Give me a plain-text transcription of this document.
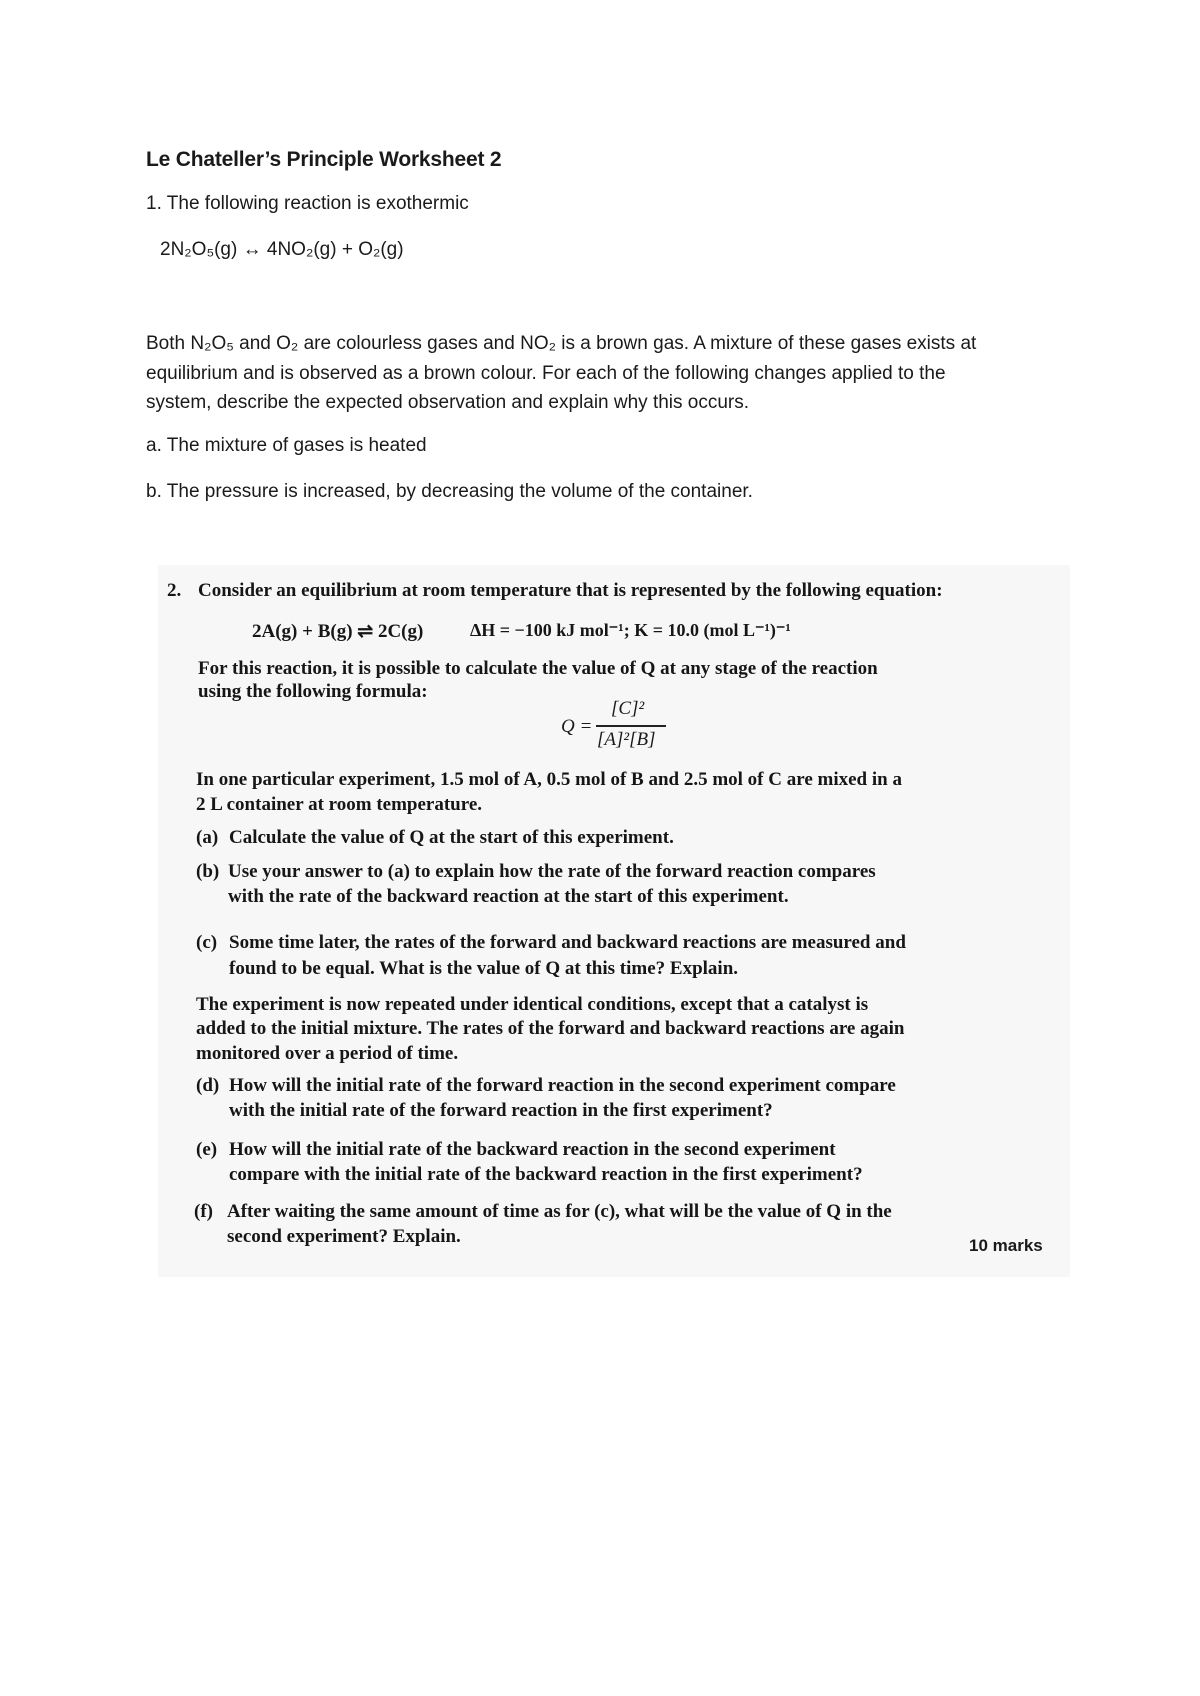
Le Chateller’s Principle Worksheet 2
1. The following reaction is exothermic
2N₂O₅(g) ↔ 4NO₂(g) + O₂(g)
Both N₂O₅ and O₂ are colourless gases and NO₂ is a brown gas. A mixture of these gases exists at
equilibrium and is observed as a brown colour. For each of the following changes applied to the
system, describe the expected observation and explain why this occurs.
a. The mixture of gases is heated
b. The pressure is increased, by decreasing the volume of the container.
2. Consider an equilibrium at room temperature that is represented by the following equation:
2A(g) + B(g) ⇌ 2C(g)	ΔH = −100 kJ mol⁻¹; K = 10.0 (mol L⁻¹)⁻¹
For this reaction, it is possible to calculate the value of Q at any stage of the reaction
using the following formula:
Q =
[C]²
[A]²[B]
In one particular experiment, 1.5 mol of A, 0.5 mol of B and 2.5 mol of C are mixed in a
2 L container at room temperature.
(a) Calculate the value of Q at the start of this experiment.
(b) Use your answer to (a) to explain how the rate of the forward reaction compares
with the rate of the backward reaction at the start of this experiment.
(c) Some time later, the rates of the forward and backward reactions are measured and
found to be equal. What is the value of Q at this time? Explain.
The experiment is now repeated under identical conditions, except that a catalyst is
added to the initial mixture. The rates of the forward and backward reactions are again
monitored over a period of time.
(d) How will the initial rate of the forward reaction in the second experiment compare
with the initial rate of the forward reaction in the first experiment?
(e) How will the initial rate of the backward reaction in the second experiment
compare with the initial rate of the backward reaction in the first experiment?
(f) After waiting the same amount of time as for (c), what will be the value of Q in the
second experiment? Explain.	10 marks
